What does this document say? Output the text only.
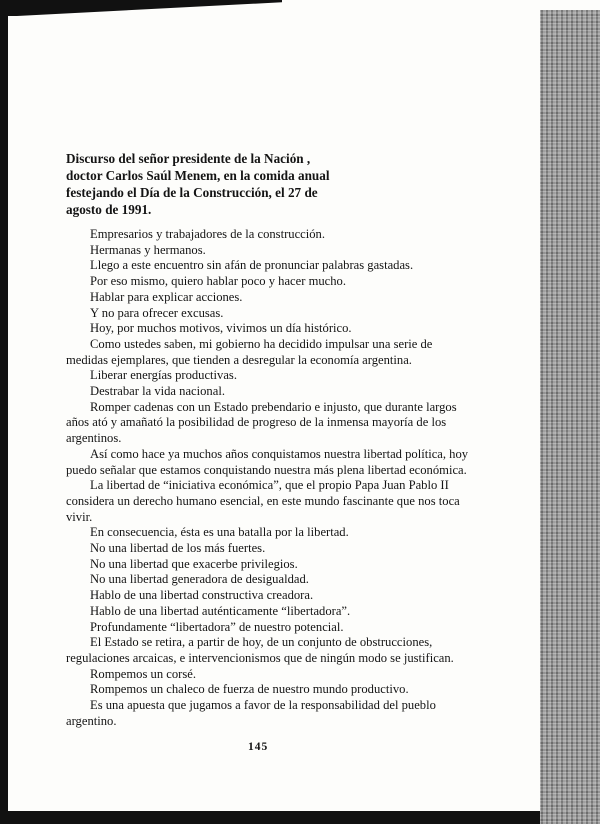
Discurso del señor presidente de la Nación ,
doctor Carlos Saúl Menem, en la comida anual
festejando el Día de la Construcción, el 27 de
agosto de 1991.
Empresarios y trabajadores de la construcción.
Hermanas y hermanos.
Llego a este encuentro sin afán de pronunciar palabras gastadas.
Por eso mismo, quiero hablar poco y hacer mucho.
Hablar para explicar acciones.
Y no para ofrecer excusas.
Hoy, por muchos motivos, vivimos un día histórico.
Como ustedes saben, mi gobierno ha decidido impulsar una serie de
medidas ejemplares, que tienden a desregular la economía argentina.
Liberar energías productivas.
Destrabar la vida nacional.
Romper cadenas con un Estado prebendario e injusto, que durante largos
años ató y amañató la posibilidad de progreso de la inmensa mayoría de los
argentinos.
Así como hace ya muchos años conquistamos nuestra libertad política, hoy
puedo señalar que estamos conquistando nuestra más plena libertad económica.
La libertad de “iniciativa económica”, que el propio Papa Juan Pablo II
considera un derecho humano esencial, en este mundo fascinante que nos toca
vivir.
En consecuencia, ésta es una batalla por la libertad.
No una libertad de los más fuertes.
No una libertad que exacerbe privilegios.
No una libertad generadora de desigualdad.
Hablo de una libertad constructiva creadora.
Hablo de una libertad auténticamente “libertadora”.
Profundamente “libertadora” de nuestro potencial.
El Estado se retira, a partir de hoy, de un conjunto de obstrucciones,
regulaciones arcaicas, e intervencionismos que de ningún modo se justifican.
Rompemos un corsé.
Rompemos un chaleco de fuerza de nuestro mundo productivo.
Es una apuesta que jugamos a favor de la responsabilidad del pueblo
argentino.
145
